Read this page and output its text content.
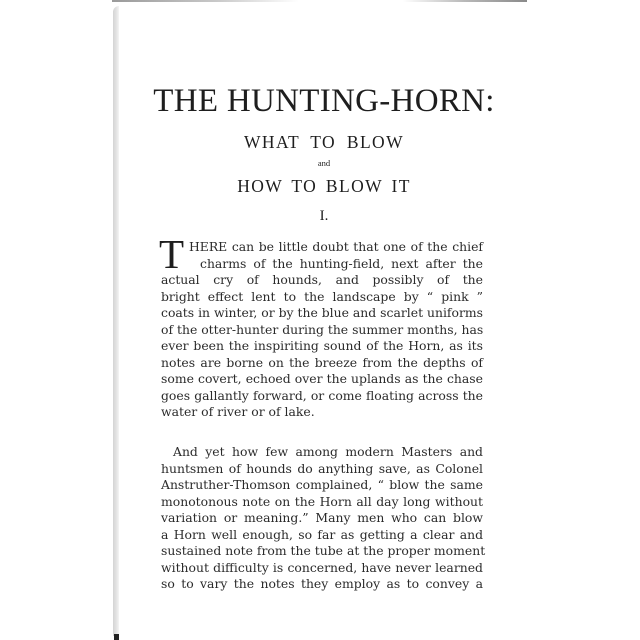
THE HUNTING-HORN:
WHAT TO BLOW
and
HOW TO BLOW IT
I.
T HERE can be little doubt that one of the chief
charms of the hunting-field, next after the
actual cry of hounds, and possibly of the
bright effect lent to the landscape by “ pink ”
coats in winter, or by the blue and scarlet uniforms
of the otter-hunter during the summer months, has
ever been the inspiriting sound of the Horn, as its
notes are borne on the breeze from the depths of
some covert, echoed over the uplands as the chase
goes gallantly forward, or come floating across the
water of river or of lake.
And yet how few among modern Masters and
huntsmen of hounds do anything save, as Colonel
Anstruther-Thomson complained, “ blow the same
monotonous note on the Horn all day long without
variation or meaning.” Many men who can blow
a Horn well enough, so far as getting a clear and
sustained note from the tube at the proper moment
without difficulty is concerned, have never learned
so to vary the notes they employ as to convey a
